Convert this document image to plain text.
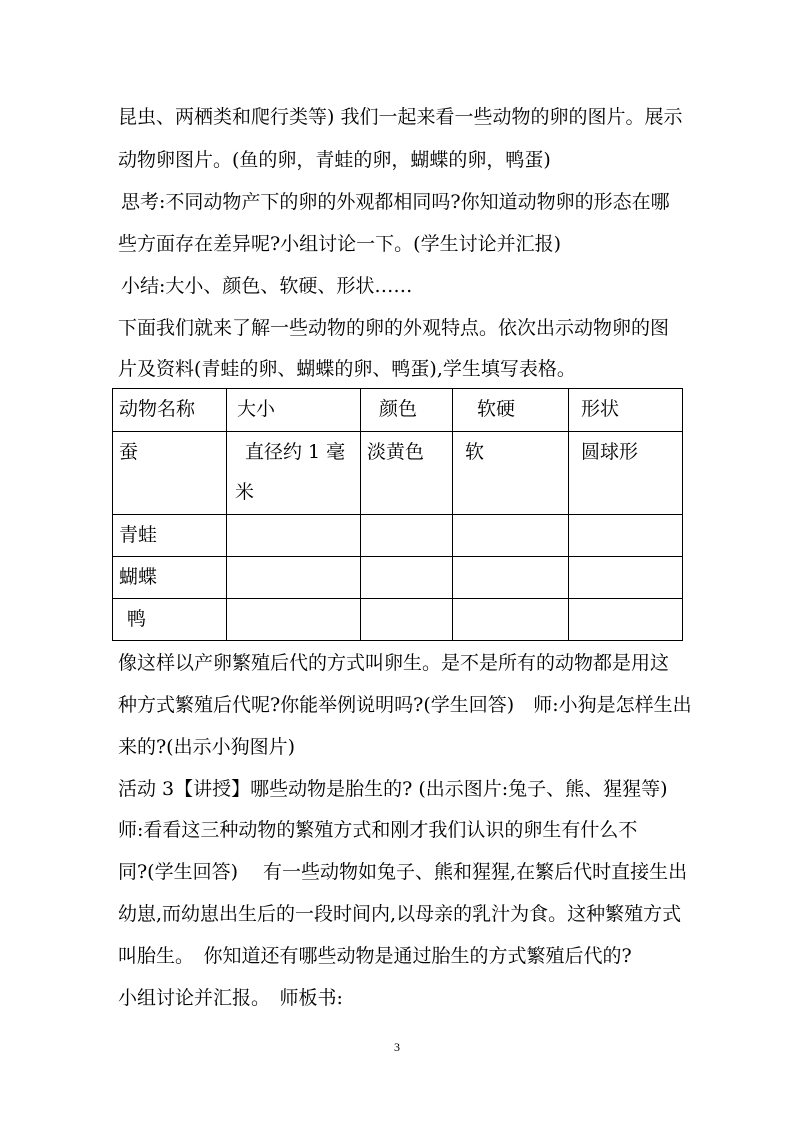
昆虫、两栖类和爬行类等) 我们一起来看一些动物的卵的图片。展示
动物卵图片。(鱼的卵，青蛙的卵，蝴蝶的卵，鸭蛋)
思考:不同动物产下的卵的外观都相同吗?你知道动物卵的形态在哪
些方面存在差异呢?小组讨论一下。(学生讨论并汇报)
小结:大小、颜色、软硬、形状……
下面我们就来了解一些动物的卵的外观特点。依次出示动物卵的图
片及资料(青蛙的卵、蝴蝶的卵、鸭蛋),学生填写表格。
动物名称	大小	颜色	软硬	形状
蚕	直径约 1 毫米	淡黄色	软	圆球形
青蛙				
蝴蝶				
鸭				
像这样以产卵繁殖后代的方式叫卵生。是不是所有的动物都是用这
种方式繁殖后代呢?你能举例说明吗?(学生回答)　师:小狗是怎样生出
来的?(出示小狗图片)
活动 3【讲授】哪些动物是胎生的? (出示图片:兔子、熊、猩猩等)
师:看看这三种动物的繁殖方式和刚才我们认识的卵生有什么不
同?(学生回答)　 有一些动物如兔子、熊和猩猩,在繁后代时直接生出
幼崽,而幼崽出生后的一段时间内,以母亲的乳汁为食。这种繁殖方式
叫胎生。　你知道还有哪些动物是通过胎生的方式繁殖后代的?
小组讨论并汇报。　师板书:
3
